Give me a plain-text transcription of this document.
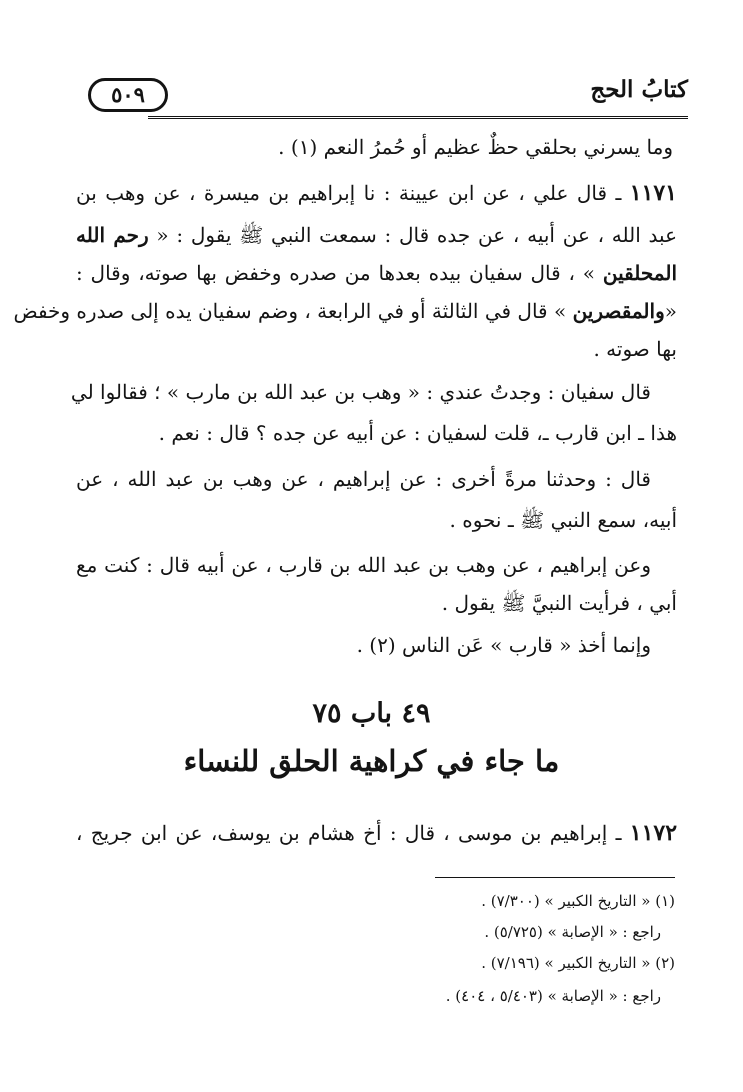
٥٠٩	كتابُ الحج
وما يسرني بحلقي حظٌ عظيم أو حُمرُ النعم (١) .
١١٧١ ـ قال علي ، عن ابن عيينة : نا إبراهيم بن ميسرة ، عن وهب بن
عبد الله ، عن أبيه ، عن جده قال : سمعت النبي ﷺ يقول : « رحم الله
المحلقين » ، قال سفيان بيده بعدها من صدره وخفض بها صوته، وقال :
«والمقصرين » قال في الثالثة أو في الرابعة ، وضم سفيان يده إلى صدره وخفض
بها صوته .
قال سفيان : وجدتُ عندي : « وهب بن عبد الله بن مارب » ؛ فقالوا لي
هذا ـ ابن قارب ـ، قلت لسفيان : عن أبيه عن جده ؟ قال : نعم .
قال : وحدثنا مرةً أخرى : عن إبراهيم ، عن وهب بن عبد الله ، عن
أبيه، سمع النبي ﷺ ـ نحوه .
وعن إبراهيم ، عن وهب بن عبد الله بن قارب ، عن أبيه قال : كنت مع
أبي ، فرأيت النبيَّ ﷺ يقول .
وإنما أخذ « قارب » عَن الناس (٢) .
٤٩ باب ٧٥
ما جاء في كراهية الحلق للنساء
١١٧٢ ـ إبراهيم بن موسى ، قال : أخ هشام بن يوسف، عن ابن جريج ،
(١) « التاريخ الكبير » (٧/٣٠٠) .
راجع : « الإصابة » (٥/٧٢٥) .
(٢) « التاريخ الكبير » (٧/١٩٦) .
راجع : « الإصابة » (٥/٤٠٣ ، ٤٠٤) .
